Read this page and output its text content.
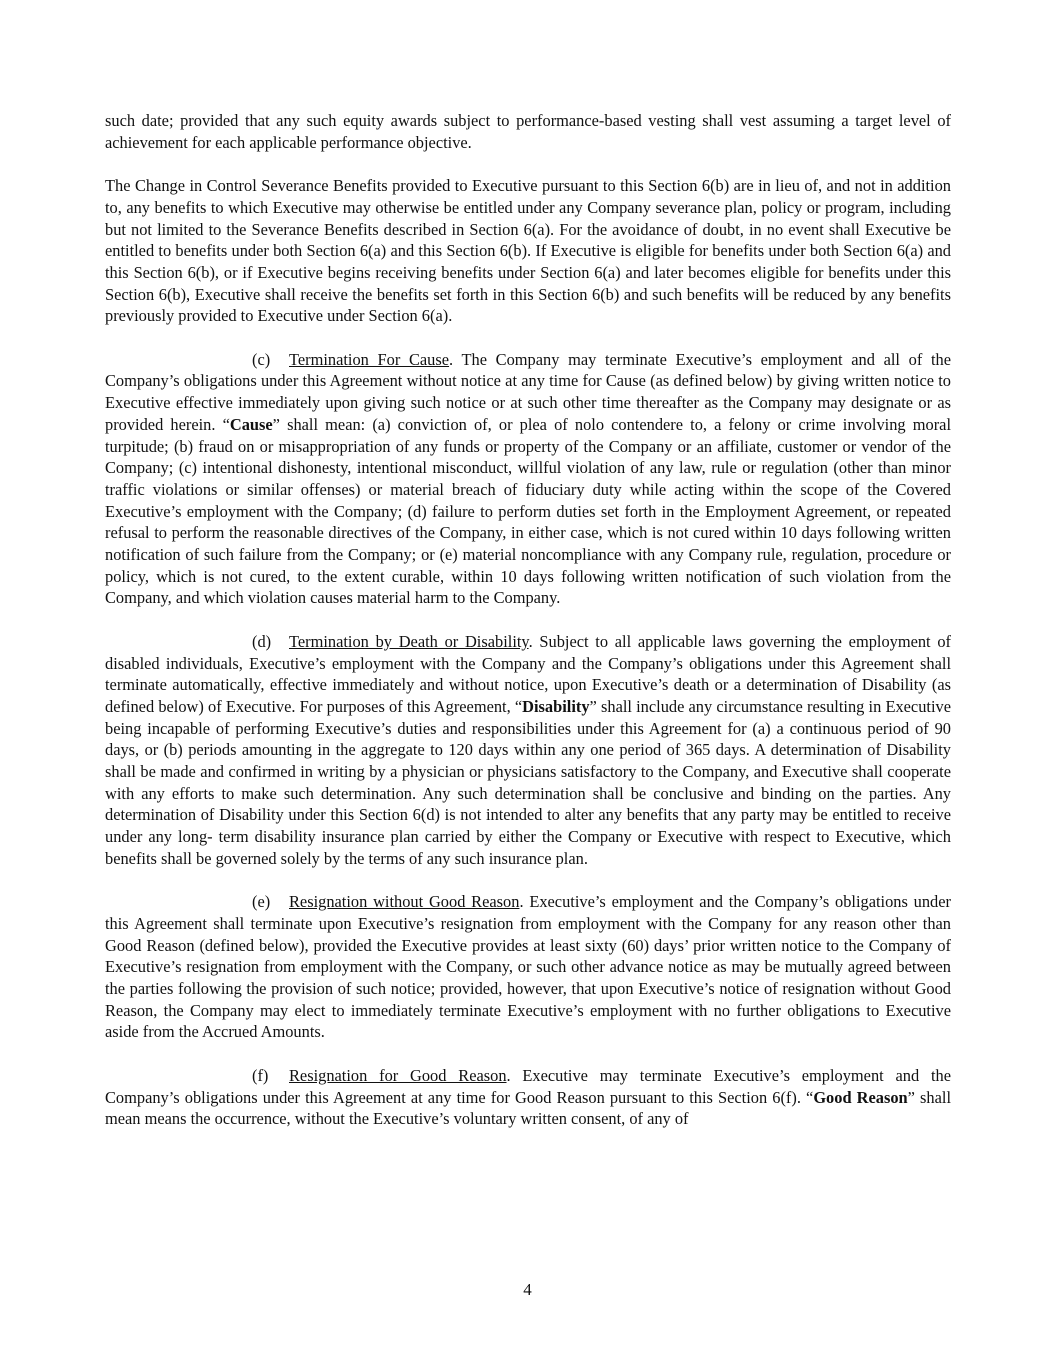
such date; provided that any such equity awards subject to performance-based vesting shall vest assuming a target level of achievement for each applicable performance objective.

The Change in Control Severance Benefits provided to Executive pursuant to this Section 6(b) are in lieu of, and not in addition to, any benefits to which Executive may otherwise be entitled under any Company severance plan, policy or program, including but not limited to the Severance Benefits described in Section 6(a). For the avoidance of doubt, in no event shall Executive be entitled to benefits under both Section 6(a) and this Section 6(b). If Executive is eligible for benefits under both Section 6(a) and this Section 6(b), or if Executive begins receiving benefits under Section 6(a) and later becomes eligible for benefits under this Section 6(b), Executive shall receive the benefits set forth in this Section 6(b) and such benefits will be reduced by any benefits previously provided to Executive under Section 6(a).

(c) Termination For Cause. The Company may terminate Executive’s employment and all of the Company’s obligations under this Agreement without notice at any time for Cause (as defined below) by giving written notice to Executive effective immediately upon giving such notice or at such other time thereafter as the Company may designate or as provided herein. “Cause” shall mean: (a) conviction of, or plea of nolo contendere to, a felony or crime involving moral turpitude; (b) fraud on or misappropriation of any funds or property of the Company or an affiliate, customer or vendor of the Company; (c) intentional dishonesty, intentional misconduct, willful violation of any law, rule or regulation (other than minor traffic violations or similar offenses) or material breach of fiduciary duty while acting within the scope of the Covered Executive’s employment with the Company; (d) failure to perform duties set forth in the Employment Agreement, or repeated refusal to perform the reasonable directives of the Company, in either case, which is not cured within 10 days following written notification of such failure from the Company; or (e) material noncompliance with any Company rule, regulation, procedure or policy, which is not cured, to the extent curable, within 10 days following written notification of such violation from the Company, and which violation causes material harm to the Company.

(d) Termination by Death or Disability. Subject to all applicable laws governing the employment of disabled individuals, Executive’s employment with the Company and the Company’s obligations under this Agreement shall terminate automatically, effective immediately and without notice, upon Executive’s death or a determination of Disability (as defined below) of Executive. For purposes of this Agreement, “Disability” shall include any circumstance resulting in Executive being incapable of performing Executive’s duties and responsibilities under this Agreement for (a) a continuous period of 90 days, or (b) periods amounting in the aggregate to 120 days within any one period of 365 days. A determination of Disability shall be made and confirmed in writing by a physician or physicians satisfactory to the Company, and Executive shall cooperate with any efforts to make such determination. Any such determination shall be conclusive and binding on the parties. Any determination of Disability under this Section 6(d) is not intended to alter any benefits that any party may be entitled to receive under any long- term disability insurance plan carried by either the Company or Executive with respect to Executive, which benefits shall be governed solely by the terms of any such insurance plan.

(e) Resignation without Good Reason. Executive’s employment and the Company’s obligations under this Agreement shall terminate upon Executive’s resignation from employment with the Company for any reason other than Good Reason (defined below), provided the Executive provides at least sixty (60) days’ prior written notice to the Company of Executive’s resignation from employment with the Company, or such other advance notice as may be mutually agreed between the parties following the provision of such notice; provided, however, that upon Executive’s notice of resignation without Good Reason, the Company may elect to immediately terminate Executive’s employment with no further obligations to Executive aside from the Accrued Amounts.

(f) Resignation for Good Reason. Executive may terminate Executive’s employment and the Company’s obligations under this Agreement at any time for Good Reason pursuant to this Section 6(f). “Good Reason” shall mean means the occurrence, without the Executive’s voluntary written consent, of any of

4
